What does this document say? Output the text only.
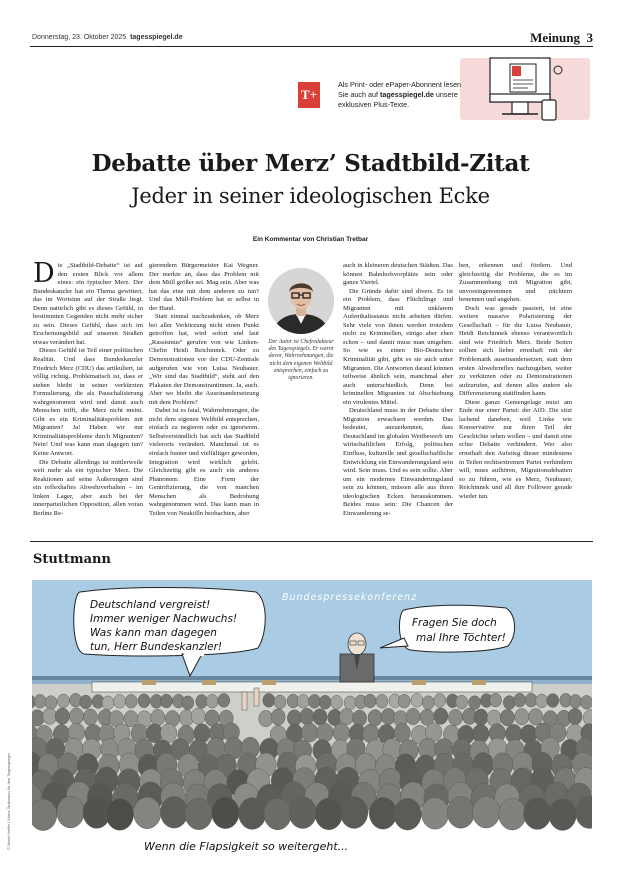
Donnerstag, 23. Oktober 2025 tagesspiegel.de	Meinung 3
T+
Als Print- oder ePaper-Abonnent lesen
Sie auch auf tagesspiegel.de unsere
exklusiven Plus-Texte.
Debatte über Merz’ Stadtbild-Zitat
Jeder in seiner ideologischen Ecke
Ein Kommentar von Christian Tretbar

Die „Stadtbild-Debatte“ ist auf den ersten Blick vor allem eines: ein typischer Merz. Der Bundeskanzler hat ein Thema gewittert, das im Wortsinn auf der Straße liegt. Denn natürlich gibt es dieses Gefühl, in bestimmten Gegenden nicht mehr sicher zu sein. Dieses Gefühl, dass sich im Erscheinungsbild auf unseren Straßen etwas verändert hat.

Dieses Gefühl ist Teil einer politischen Realität. Und dass Bundeskanzler Friedrich Merz (CDU) das artikuliert, ist völlig richtig. Problematisch ist, dass er stehen bleibt in seiner verkürzten Formulierung, die als Pauschalisierung wahrgenommen wird und damit auch Menschen trifft, die Merz nicht meint. Gibt es ein Kriminalitätsproblem mit Migranten? Ja! Haben wir nur Kriminalitätsprobleme durch Migranten? Nein! Und was kann man dagegen tun? Keine Antwort.

Die Debatte allerdings ist mittlerweile weit mehr als ein typischer Merz. Die Reaktionen auf seine Äußerungen sind ein reflexhaftes Abwehrverhalten – im linken Lager, aber auch bei der innerparteilichen Opposition, allen voran Berlins Re-

gierendem Bürgermeister Kai Wegner. Der merkte an, dass das Problem mit dem Müll größer sei. Mag sein. Aber was hat das eine mit dem anderen zu tun? Und das Müll-Problem hat er selbst in der Hand.

Statt einmal nachzudenken, ob Merz bei aller Verkürzung nicht einen Punkt getroffen hat, wird sofort und laut „Rassismus“ gerufen von wie Linken-Chefin Heidi Reichinnek. Oder zu Demonstrationen vor der CDU-Zentrale aufgerufen wie von Luisa Neubauer. „Wir sind das Stadtbild“, steht auf den Plakaten der Demonstrantinnen. Ja, auch. Aber wo bleibt die Auseinandersetzung mit dem Problem?

Dabei ist es fatal, Wahrnehmungen, die nicht dem eigenen Weltbild entsprechen, einfach zu negieren oder zu ignorieren. Selbstverständlich hat sich das Stadtbild vielerorts verändert. Manchmal ist es einfach bunter und vielfältiger geworden, Integration wird wirklich gelebt. Gleichzeitig gibt es auch ein anderes Phänomen: Eine Form der Gentrifizierung, die von manchen Menschen als Bedrohung wahrgenommen wird. Das kann man in Teilen von Neukölln beobachten, aber

Der Autor ist Chefredakteur des Tagesspiegels. Er warnt davor, Wahrnehmungen, die nicht dem eigenen Weltbild entsprechen, einfach zu ignorieren.

auch in kleineren deutschen Städten. Das können Bahnhofsvorplätze sein oder ganze Viertel.

Die Gründe dafür sind divers. Es ist ein Problem, dass Flüchtlinge und Migranten mit unklarem Aufenthaltsstatus nicht arbeiten dürfen. Sehr viele von ihnen werden trotzdem nicht zu Kriminellen, einige aber eben schon – und damit muss man umgehen. So wie es einen Bio-Deutschen Kriminalität gibt, gibt es sie auch unter Migranten. Die Antworten darauf können teilweise ähnlich sein, manchmal aber auch unterschiedlich. Denn bei kriminellen Migranten ist Abschiebung ein virulentes Mittel.

Deutschland muss in der Debatte über Migration erwachsen werden. Das bedeutet, anzuerkennen, dass Deutschland im globalen Wettbewerb um wirtschaftlichen Erfolg, politischen Einfluss, kulturelle und gesellschaftliche Entwicklung ein Einwanderungsland sein wird. Sein muss. Und es sein sollte. Aber um ein modernes Einwanderungsland sein zu können, müssen alle aus ihren ideologischen Ecken herauskommen. Beides muss sein: Die Chancen der Einwanderung se-

hen, erkennen und fördern. Und gleichzeitig die Probleme, die es im Zusammenhang mit Migration gibt, unvoreingenommen und nüchtern benennen und angehen.

Doch was gerade passiert, ist eine weitere massive Polarisierung der Gesellschaft – für die Luisa Neubauer, Heidi Reichinnek ebenso verantwortlich sind wie Friedrich Merz. Beide Seiten sollten sich lieber ernsthaft mit der Problematik auseinandersetzen, statt dem ersten Abwehrreflex nachzugeben, weiter zu verkürzen oder zu Demonstrationen aufzurufen, auf denen alles andere als Differenzierung stattfinden kann.

Diese ganze Gemengelage nutzt am Ende nur einer Partei: der AfD. Die sitzt lachend daneben, weil Linke wie Konservative nur ihren Teil der Geschichte sehen wollen – und damit eine echte Debatte verhindern. Wer also ernsthaft den Aufstieg dieser mindestens in Teilen rechtsextremen Partei verhindern will, muss aufhören, Migrationsdebatten so zu führen, wie es Merz, Neubauer, Reichinnek und all ihre Follower gerade wieder tun.

Stuttmann
Deutschland vergreist! Immer weniger Nachwuchs! Was kann man dagegen tun, Herr Bundeskanzler!
Fragen Sie doch mal Ihre Töchter!
Bundespressekonferenz
Wenn die Flapsigkeit so weitergeht...
© Mario Hoffer / Klaus Stuttmann für den Tagesspiegel
